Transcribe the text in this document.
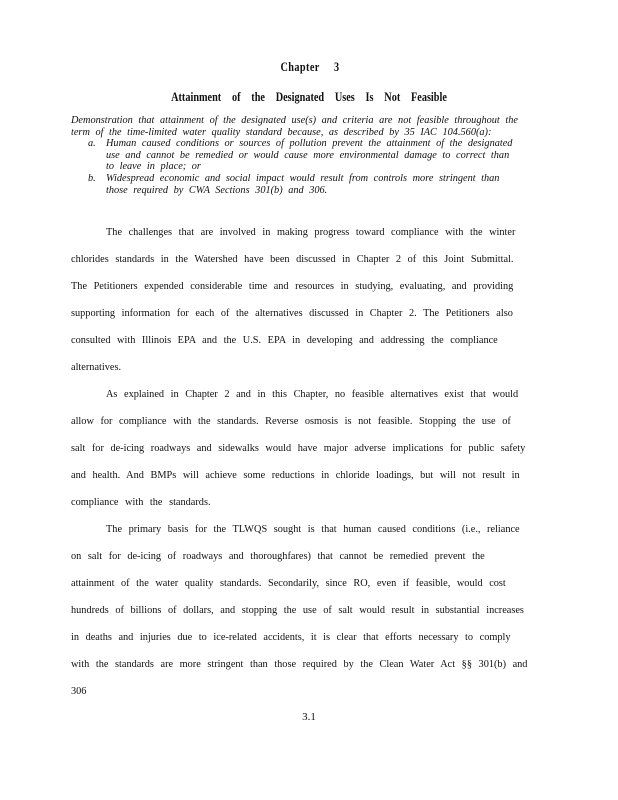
Chapter 3
Attainment of the Designated Uses Is Not Feasible

Demonstration that attainment of the designated use(s) and criteria are not feasible throughout the term of the time-limited water quality standard because, as described by 35 IAC 104.560(a):

a. Human caused conditions or sources of pollution prevent the attainment of the designated use and cannot be remedied or would cause more environmental damage to correct than to leave in place; or
b. Widespread economic and social impact would result from controls more stringent than those required by CWA Sections 301(b) and 306.

The challenges that are involved in making progress toward compliance with the winter chlorides standards in the Watershed have been discussed in Chapter 2 of this Joint Submittal. The Petitioners expended considerable time and resources in studying, evaluating, and providing supporting information for each of the alternatives discussed in Chapter 2. The Petitioners also consulted with Illinois EPA and the U.S. EPA in developing and addressing the compliance alternatives.

As explained in Chapter 2 and in this Chapter, no feasible alternatives exist that would allow for compliance with the standards. Reverse osmosis is not feasible. Stopping the use of salt for de-icing roadways and sidewalks would have major adverse implications for public safety and health. And BMPs will achieve some reductions in chloride loadings, but will not result in compliance with the standards.

The primary basis for the TLWQS sought is that human caused conditions (i.e., reliance on salt for de-icing of roadways and thoroughfares) that cannot be remedied prevent the attainment of the water quality standards. Secondarily, since RO, even if feasible, would cost hundreds of billions of dollars, and stopping the use of salt would result in substantial increases in deaths and injuries due to ice-related accidents, it is clear that efforts necessary to comply with the standards are more stringent than those required by the Clean Water Act §§ 301(b) and 306

3.1
